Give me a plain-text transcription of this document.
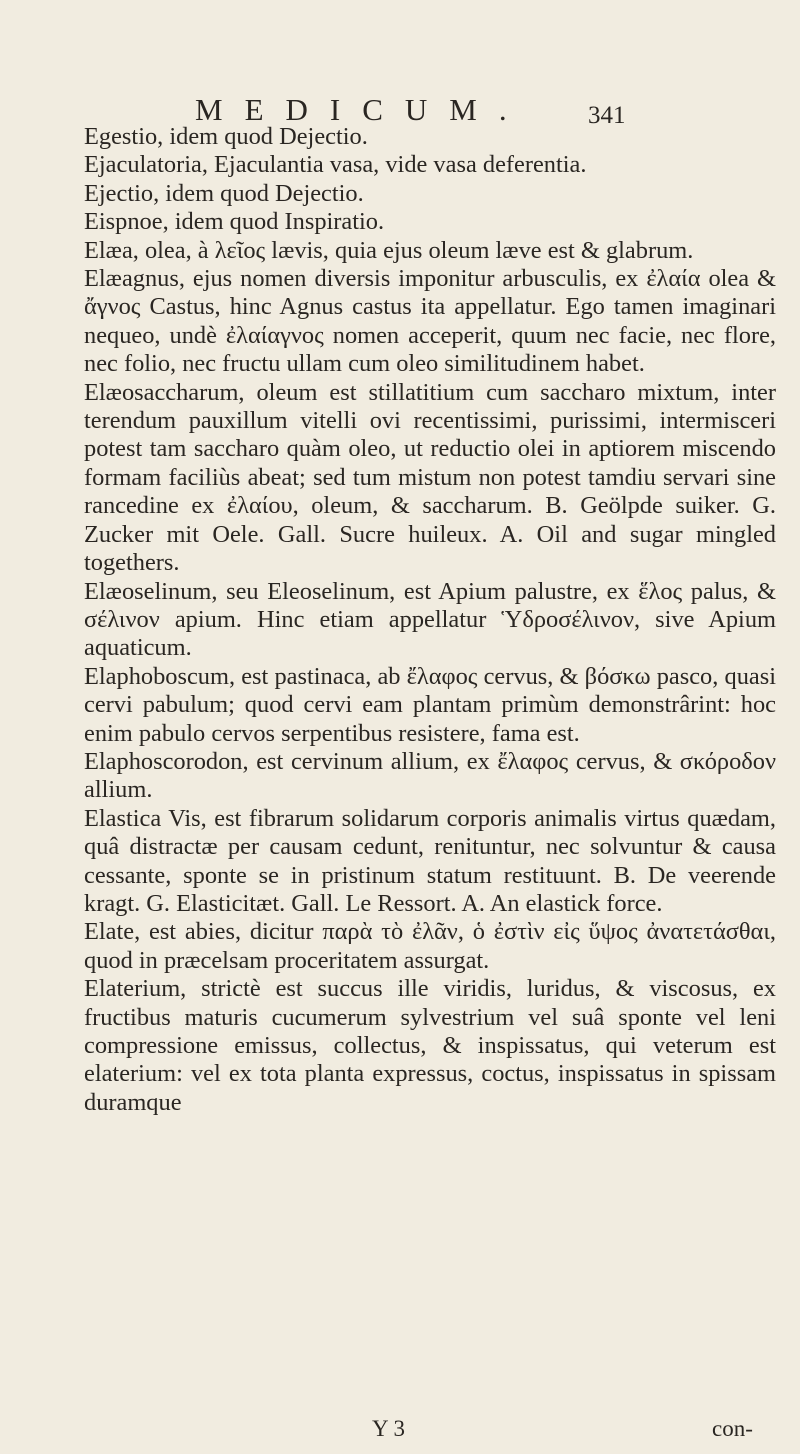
MEDICUM. 341

Egestio, idem quod Dejectio.

Ejaculatoria, Ejaculantia vasa, vide vasa deferentia.

Ejectio, idem quod Dejectio.

Eispnoe, idem quod Inspiratio.

Elæa, olea, à λεῖος lævis, quia ejus oleum læve est & glabrum.

Elæagnus, ejus nomen diversis imponitur arbusculis, ex ἐλαία olea & ἄγνος Castus, hinc Agnus castus ita appellatur. Ego tamen imaginari nequeo, undè ἐλαίαγνος nomen acceperit, quum nec facie, nec flore, nec folio, nec fructu ullam cum oleo similitudinem habet.

Elæosaccharum, oleum est stillatitium cum saccharo mixtum, inter terendum pauxillum vitelli ovi recentissimi, purissimi, intermisceri potest tam saccharo quàm oleo, ut reductio olei in aptiorem miscendo formam faciliùs abeat; sed tum mistum non potest tamdiu servari sine rancedine ex ἐλαίου, oleum, & saccharum. B. Geölpde suiker. G. Zucker mit Oele. Gall. Sucre huileux. A. Oil and sugar mingled togethers.

Elæoselinum, seu Eleoselinum, est Apium palustre, ex ἕλος palus, & σέλινον apium. Hinc etiam appellatur Ὑδροσέλινον, sive Apium aquaticum.

Elaphoboscum, est pastinaca, ab ἔλαφος cervus, & βόσκω pasco, quasi cervi pabulum; quod cervi eam plantam primùm demonstrârint: hoc enim pabulo cervos serpentibus resistere, fama est.

Elaphoscorodon, est cervinum allium, ex ἔλαφος cervus, & σκόροδον allium.

Elastica Vis, est fibrarum solidarum corporis animalis virtus quædam, quâ distractæ per causam cedunt, renituntur, nec solvuntur & causa cessante, sponte se in pristinum statum restituunt. B. De veerende kragt. G. Elasticitæt. Gall. Le Ressort. A. An elastick force.

Elate, est abies, dicitur παρὰ τὸ ἐλᾶν, ὁ ἐστὶν εἰς ὕψος ἀνατετάσθαι, quod in præcelsam proceritatem assurgat.

Elaterium, strictè est succus ille viridis, luridus, & viscosus, ex fructibus maturis cucumerum sylvestrium vel suâ sponte vel leni compressione emissus, collectus, & inspissatus, qui veterum est elaterium: vel ex tota planta expressus, coctus, inspissatus in spissam duramque

Y 3	con-
